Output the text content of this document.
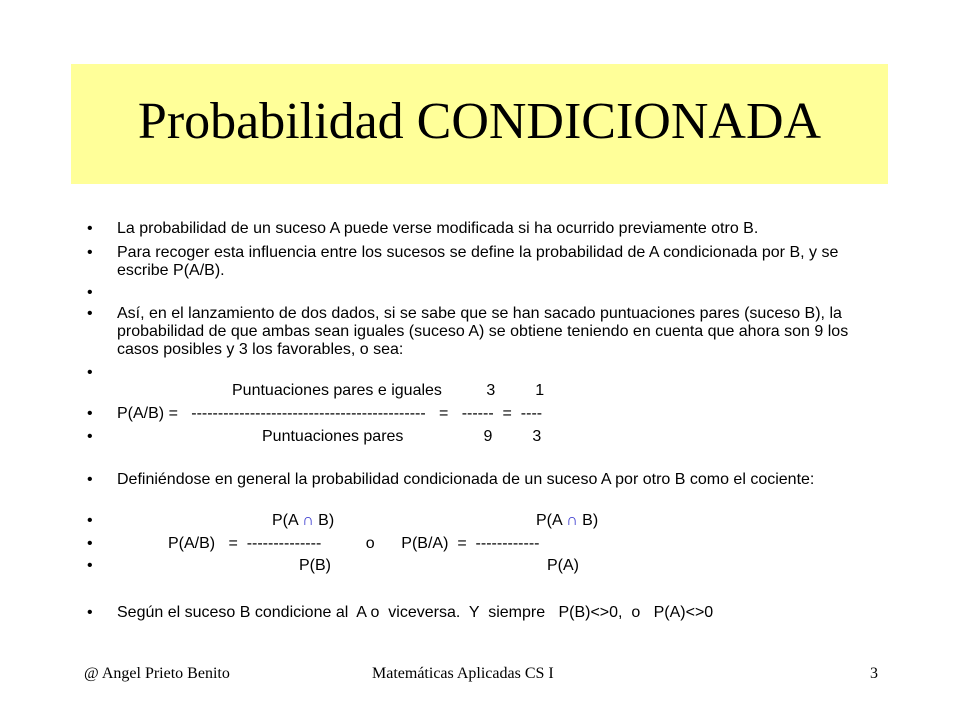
Probabilidad CONDICIONADA
• La probabilidad de un suceso A puede verse modificada si ha ocurrido previamente otro B.
• Para recoger esta influencia entre los sucesos se define la probabilidad de A condicionada por B, y se escribe P(A/B).
•
• Así, en el lanzamiento de dos dados, si se sabe que se han sacado puntuaciones pares (suceso B), la probabilidad de que ambas sean iguales (suceso A) se obtiene teniendo en cuenta que ahora son 9 los casos posibles y 3 los favorables, o sea:
•
Puntuaciones pares e iguales          3         1
• P(A/B) =   --------------------------------------------   =   ------  =  ----
•	Puntuaciones pares                  9         3
• Definiéndose en general la probabilidad condicionada de un suceso A por otro B como el cociente:
•	P(A ∩ B)	P(A ∩ B)
•	P(A/B)   =  --------------          o      P(B/A)  =  ------------
•	P(B)	P(A)
• Según el suceso B condicione al  A o  viceversa.  Y  siempre   P(B)<>0,  o   P(A)<>0
@ Angel Prieto Benito	Matemáticas Aplicadas CS I	3
